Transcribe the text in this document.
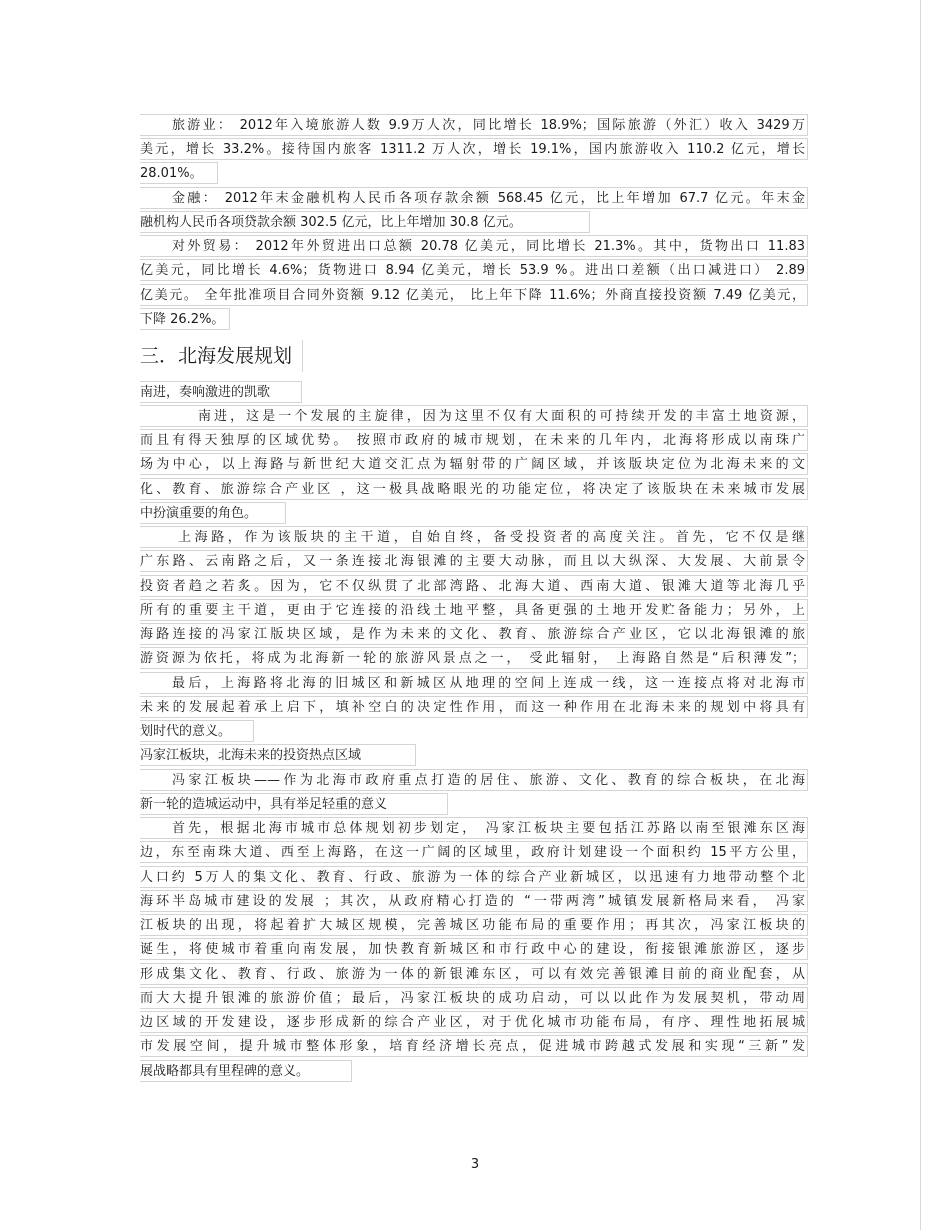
旅游业： 2012年入境旅游人数 9.9万人次，同比增长 18.9%；国际旅游（外汇）收入 3429万
美元，增长 33.2%。接待国内旅客 1311.2 万人次，增长 19.1%，国内旅游收入 110.2 亿元，增长
28.01%。
金融： 2012年末金融机构人民币各项存款余额 568.45 亿元，比上年增加 67.7 亿元。年末金
融机构人民币各项贷款余额 302.5 亿元，比上年增加 30.8 亿元。
对外贸易： 2012年外贸进出口总额 20.78 亿美元，同比增长 21.3%。其中，货物出口 11.83
亿美元，同比增长 4.6%；货物进口 8.94 亿美元，增长 53.9 %。进出口差额（出口减进口） 2.89
亿美元。 全年批准项目合同外资额 9.12 亿美元， 比上年下降 11.6%；外商直接投资额 7.49 亿美元，
下降 26.2%。
三．北海发展规划
南进，奏响激进的凯歌
南进，这是一个发展的主旋律，因为这里不仅有大面积的可持续开发的丰富土地资源，
而且有得天独厚的区域优势。 按照市政府的城市规划，在未来的几年内，北海将形成以南珠广
场为中心，以上海路与新世纪大道交汇点为辐射带的广阔区域，并该版块定位为北海未来的文
化、教育、旅游综合产业区 ，这一极具战略眼光的功能定位，将决定了该版块在未来城市发展
中扮演重要的角色。
上海路，作为该版块的主干道，自始自终，备受投资者的高度关注。首先，它不仅是继
广东路、云南路之后，又一条连接北海银滩的主要大动脉，而且以大纵深、大发展、大前景令
投资者趋之若炙。因为，它不仅纵贯了北部湾路、北海大道、西南大道、银滩大道等北海几乎
所有的重要主干道，更由于它连接的沿线土地平整，具备更强的土地开发贮备能力；另外，上
海路连接的冯家江版块区域，是作为未来的文化、教育、旅游综合产业区，它以北海银滩的旅
游资源为依托，将成为北海新一轮的旅游风景点之一， 受此辐射， 上海路自然是“后积薄发”；
最后，上海路将北海的旧城区和新城区从地理的空间上连成一线，这一连接点将对北海市
未来的发展起着承上启下，填补空白的决定性作用，而这一种作用在北海未来的规划中将具有
划时代的意义。
冯家江板块，北海未来的投资热点区域
冯家江板块——作为北海市政府重点打造的居住、旅游、文化、教育的综合板块，在北海
新一轮的造城运动中，具有举足轻重的意义
首先，根据北海市城市总体规划初步划定， 冯家江板块主要包括江苏路以南至银滩东区海
边，东至南珠大道、西至上海路，在这一广阔的区域里，政府计划建设一个面积约 15平方公里，
人口约 5万人的集文化、教育、行政、旅游为一体的综合产业新城区，以迅速有力地带动整个北
海环半岛城市建设的发展 ；其次，从政府精心打造的 “一带两湾”城镇发展新格局来看， 冯家
江板块的出现，将起着扩大城区规模，完善城区功能布局的重要作用；再其次，冯家江板块的
诞生，将使城市着重向南发展，加快教育新城区和市行政中心的建设，衔接银滩旅游区，逐步
形成集文化、教育、行政、旅游为一体的新银滩东区，可以有效完善银滩目前的商业配套，从
而大大提升银滩的旅游价值；最后，冯家江板块的成功启动，可以以此作为发展契机，带动周
边区域的开发建设，逐步形成新的综合产业区，对于优化城市功能布局，有序、理性地拓展城
市发展空间，提升城市整体形象，培育经济增长亮点，促进城市跨越式发展和实现“三新”发
展战略都具有里程碑的意义。
3
